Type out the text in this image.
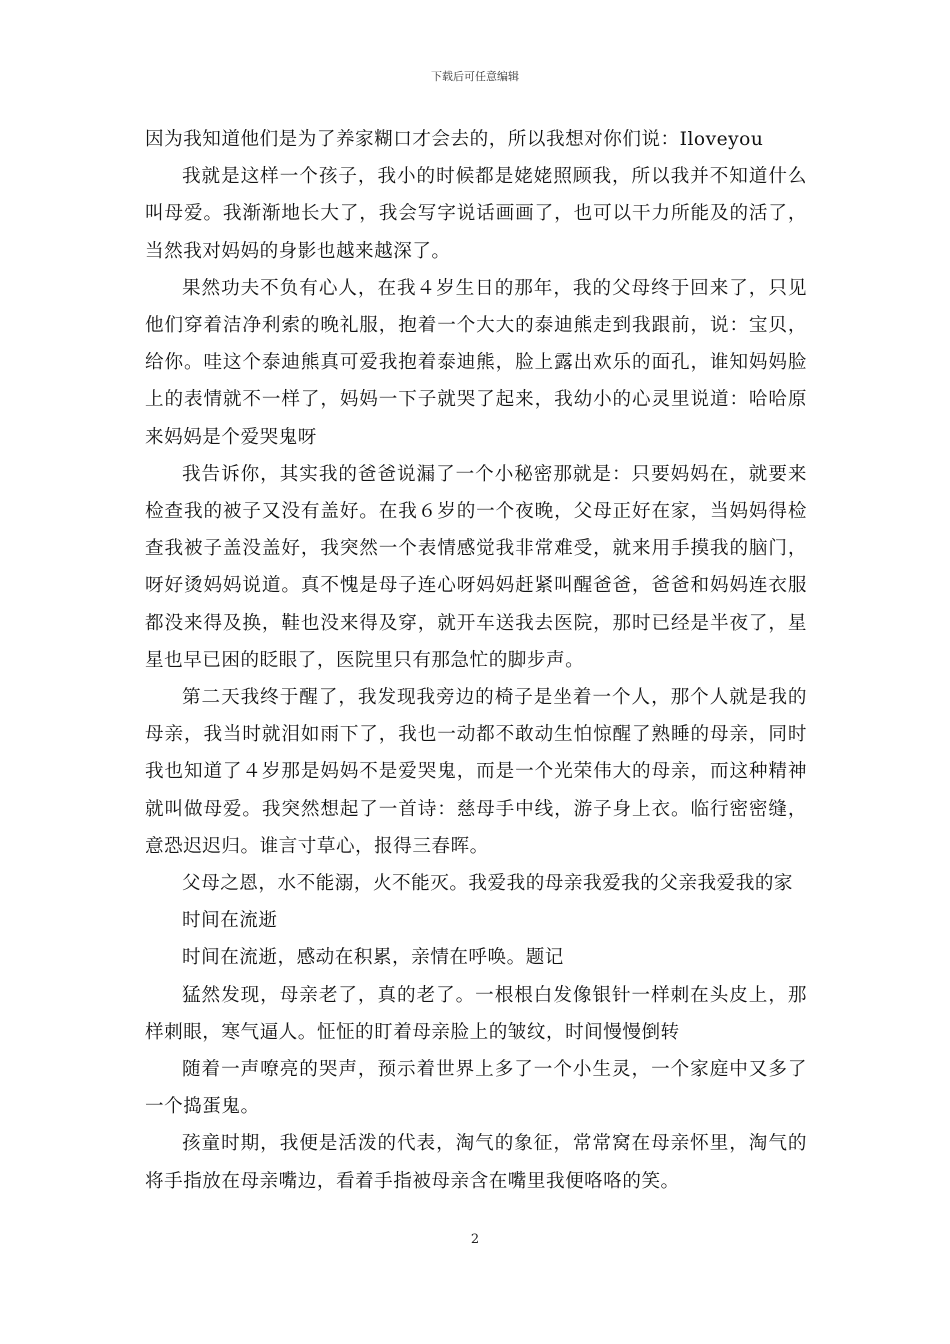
下载后可任意编辑

因为我知道他们是为了养家糊口才会去的，所以我想对你们说：Iloveyou

我就是这样一个孩子，我小的时候都是姥姥照顾我，所以我并不知道什么叫母爱。我渐渐地长大了，我会写字说话画画了，也可以干力所能及的活了，当然我对妈妈的身影也越来越深了。

果然功夫不负有心人，在我４岁生日的那年，我的父母终于回来了，只见他们穿着洁净利索的晚礼服，抱着一个大大的泰迪熊走到我跟前，说：宝贝，给你。哇这个泰迪熊真可爱我抱着泰迪熊，脸上露出欢乐的面孔，谁知妈妈脸上的表情就不一样了，妈妈一下子就哭了起来，我幼小的心灵里说道：哈哈原来妈妈是个爱哭鬼呀

我告诉你，其实我的爸爸说漏了一个小秘密那就是：只要妈妈在，就要来检查我的被子又没有盖好。在我６岁的一个夜晚，父母正好在家，当妈妈得检查我被子盖没盖好，我突然一个表情感觉我非常难受，就来用手摸我的脑门，呀好烫妈妈说道。真不愧是母子连心呀妈妈赶紧叫醒爸爸，爸爸和妈妈连衣服都没来得及换，鞋也没来得及穿，就开车送我去医院，那时已经是半夜了，星星也早已困的眨眼了，医院里只有那急忙的脚步声。

第二天我终于醒了，我发现我旁边的椅子是坐着一个人，那个人就是我的母亲，我当时就泪如雨下了，我也一动都不敢动生怕惊醒了熟睡的母亲，同时我也知道了４岁那是妈妈不是爱哭鬼，而是一个光荣伟大的母亲，而这种精神就叫做母爱。我突然想起了一首诗：慈母手中线，游子身上衣。临行密密缝，意恐迟迟归。谁言寸草心，报得三春晖。

父母之恩，水不能溺，火不能灭。我爱我的母亲我爱我的父亲我爱我的家

时间在流逝

时间在流逝，感动在积累，亲情在呼唤。题记

猛然发现，母亲老了，真的老了。一根根白发像银针一样刺在头皮上，那样刺眼，寒气逼人。怔怔的盯着母亲脸上的皱纹，时间慢慢倒转

随着一声嘹亮的哭声，预示着世界上多了一个小生灵，一个家庭中又多了一个捣蛋鬼。

孩童时期，我便是活泼的代表，淘气的象征，常常窝在母亲怀里，淘气的将手指放在母亲嘴边，看着手指被母亲含在嘴里我便咯咯的笑。

2
